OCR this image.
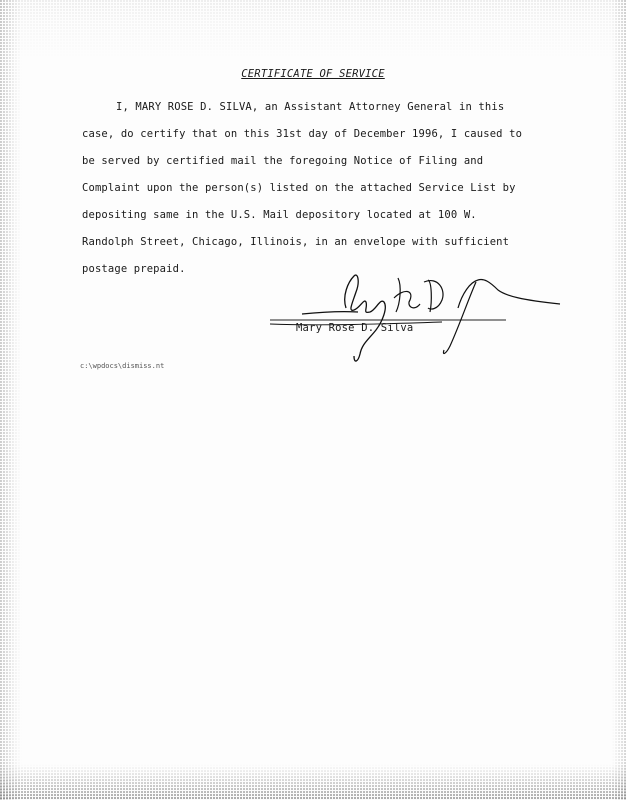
CERTIFICATE OF SERVICE
I, MARY ROSE D. SILVA, an Assistant Attorney General in this
case, do certify that on this 31st day of December 1996, I caused to
be served by certified mail the foregoing Notice of Filing and
Complaint upon the person(s) listed on the attached Service List by
depositing same in the U.S. Mail depository located at 100 W.
Randolph Street, Chicago, Illinois, in an envelope with sufficient
postage prepaid.
Mary Rose D. Silva
c:\wpdocs\dismiss.nt
